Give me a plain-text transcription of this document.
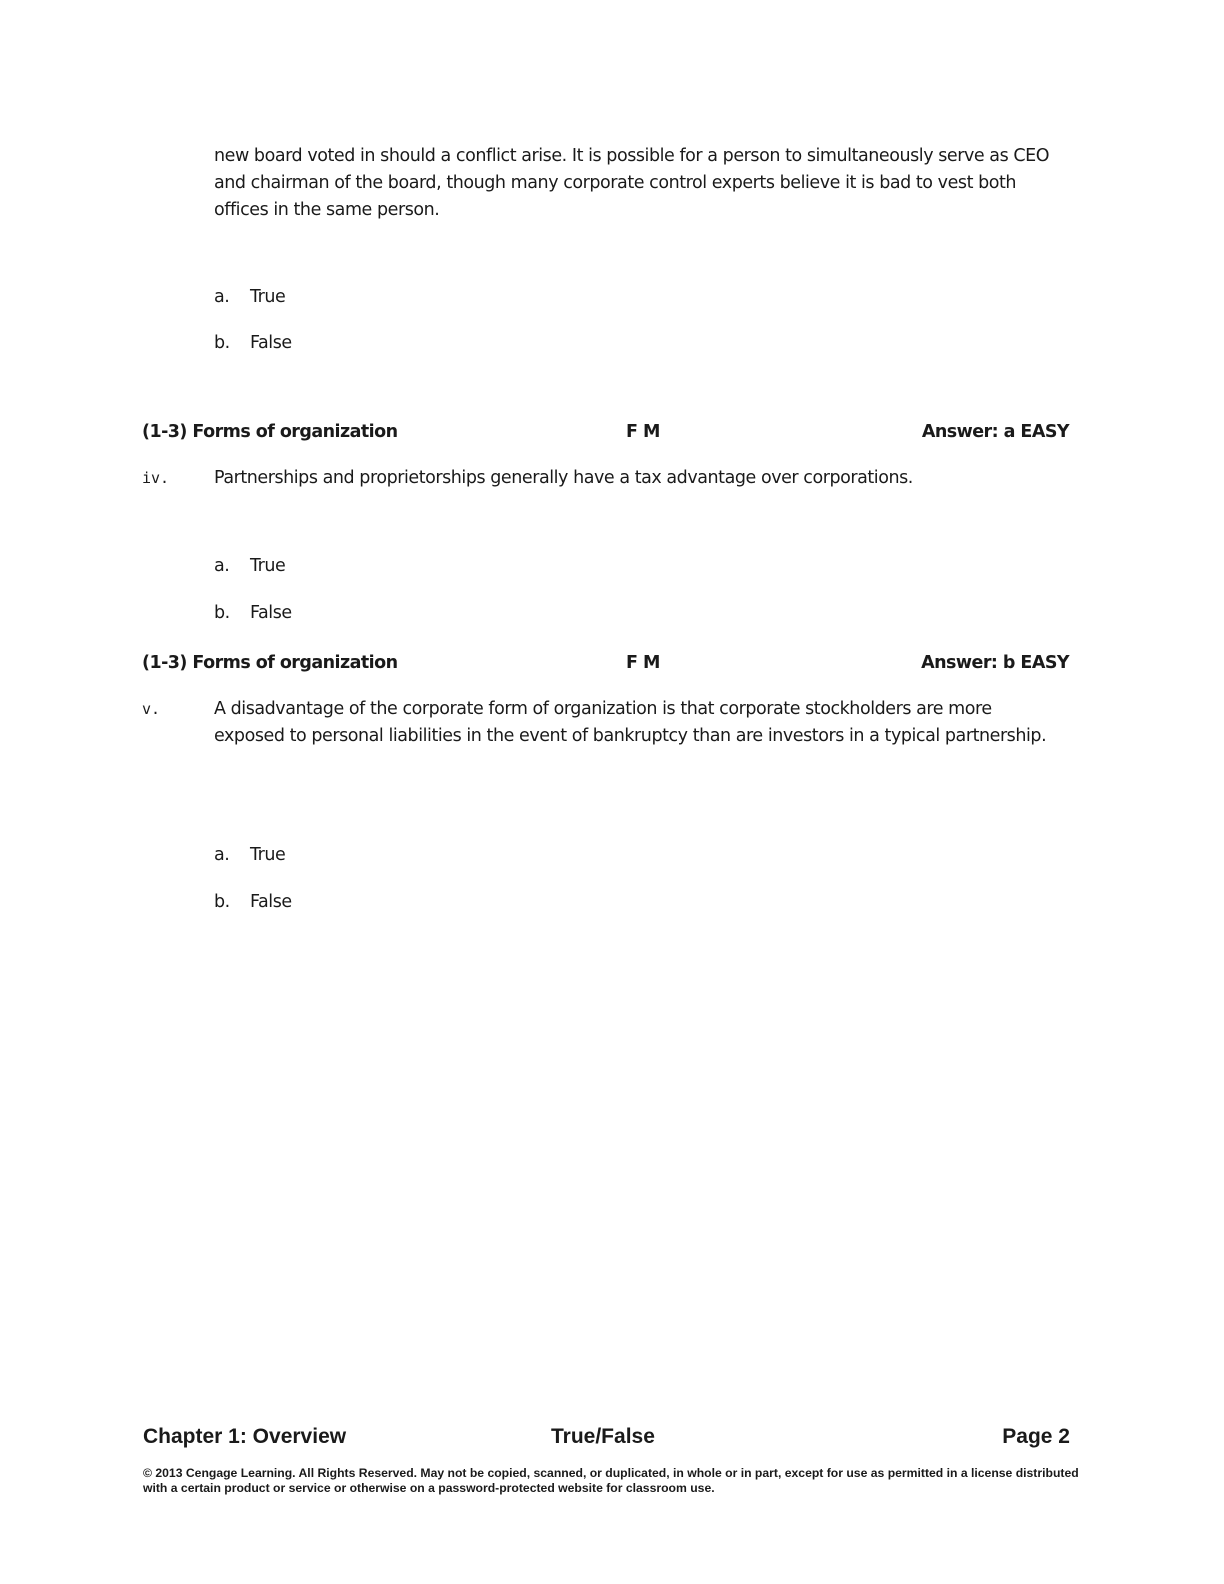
new board voted in should a conflict arise. It is possible for a person to simultaneously serve as CEO and chairman of the board, though many corporate control experts believe it is bad to vest both offices in the same person.
a. True
b. False
(1-3) Forms of organization	F M	Answer: a EASY
iv.	Partnerships and proprietorships generally have a tax advantage over corporations.
a. True
b. False
(1-3) Forms of organization	F M	Answer: b EASY
v.	A disadvantage of the corporate form of organization is that corporate stockholders are more exposed to personal liabilities in the event of bankruptcy than are investors in a typical partnership.
a. True
b. False
Chapter 1: Overview	True/False	Page 2
© 2013 Cengage Learning. All Rights Reserved. May not be copied, scanned, or duplicated, in whole or in part, except for use as permitted in a license distributed with a certain product or service or otherwise on a password-protected website for classroom use.
